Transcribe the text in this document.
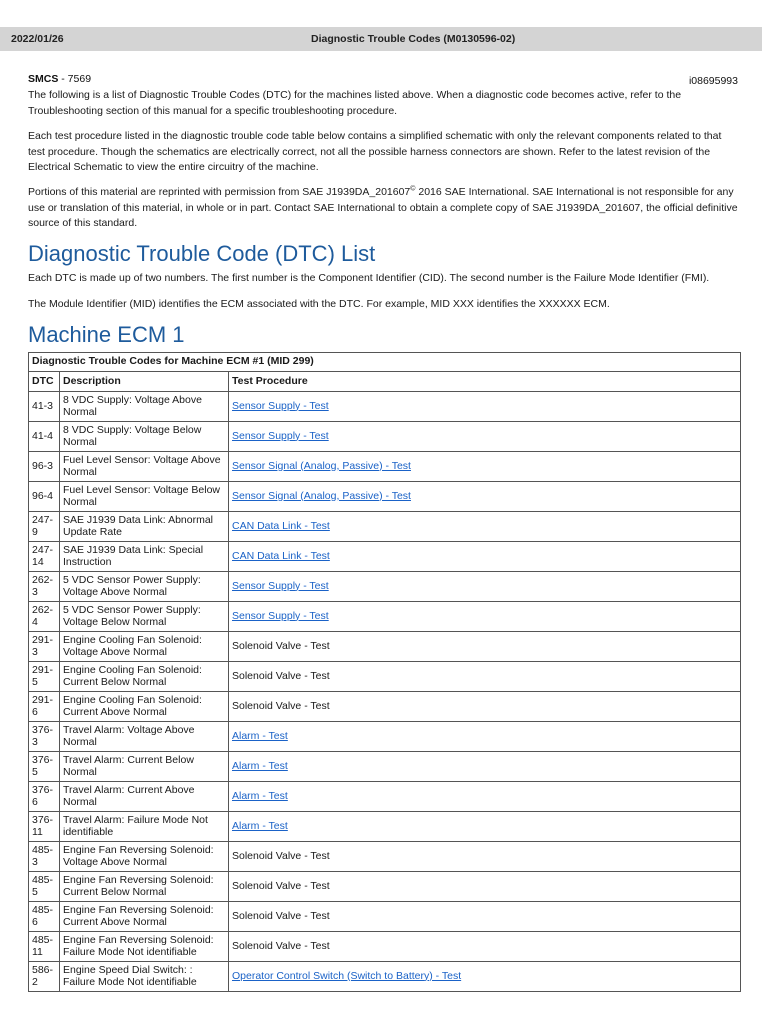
2022/01/26	Diagnostic Trouble Codes (M0130596-02)
SMCS - 7569	i08695993
The following is a list of Diagnostic Trouble Codes (DTC) for the machines listed above. When a diagnostic code becomes active, refer to the Troubleshooting section of this manual for a specific troubleshooting procedure.
Each test procedure listed in the diagnostic trouble code table below contains a simplified schematic with only the relevant components related to that test procedure. Though the schematics are electrically correct, not all the possible harness connectors are shown. Refer to the latest revision of the Electrical Schematic to view the entire circuitry of the machine.
Portions of this material are reprinted with permission from SAE J1939DA_201607© 2016 SAE International. SAE International is not responsible for any use or translation of this material, in whole or in part. Contact SAE International to obtain a complete copy of SAE J1939DA_201607, the official definitive source of this standard.
Diagnostic Trouble Code (DTC) List
Each DTC is made up of two numbers. The first number is the Component Identifier (CID). The second number is the Failure Mode Identifier (FMI).
The Module Identifier (MID) identifies the ECM associated with the DTC. For example, MID XXX identifies the XXXXXX ECM.
Machine ECM 1
Diagnostic Trouble Codes for Machine ECM #1 (MID 299)		
DTC	Description	Test Procedure
41-3	8 VDC Supply: Voltage Above Normal	Sensor Supply - Test
41-4	8 VDC Supply: Voltage Below Normal	Sensor Supply - Test
96-3	Fuel Level Sensor: Voltage Above Normal	Sensor Signal (Analog, Passive) - Test
96-4	Fuel Level Sensor: Voltage Below Normal	Sensor Signal (Analog, Passive) - Test
247-9	SAE J1939 Data Link: Abnormal Update Rate	CAN Data Link - Test
247-14	SAE J1939 Data Link: Special Instruction	CAN Data Link - Test
262-3	5 VDC Sensor Power Supply: Voltage Above Normal	Sensor Supply - Test
262-4	5 VDC Sensor Power Supply: Voltage Below Normal	Sensor Supply - Test
291-3	Engine Cooling Fan Solenoid: Voltage Above Normal	Solenoid Valve - Test
291-5	Engine Cooling Fan Solenoid: Current Below Normal	Solenoid Valve - Test
291-6	Engine Cooling Fan Solenoid: Current Above Normal	Solenoid Valve - Test
376-3	Travel Alarm: Voltage Above Normal	Alarm - Test
376-5	Travel Alarm: Current Below Normal	Alarm - Test
376-6	Travel Alarm: Current Above Normal	Alarm - Test
376-11	Travel Alarm: Failure Mode Not identifiable	Alarm - Test
485-3	Engine Fan Reversing Solenoid: Voltage Above Normal	Solenoid Valve - Test
485-5	Engine Fan Reversing Solenoid: Current Below Normal	Solenoid Valve - Test
485-6	Engine Fan Reversing Solenoid: Current Above Normal	Solenoid Valve - Test
485-11	Engine Fan Reversing Solenoid: Failure Mode Not identifiable	Solenoid Valve - Test
586-2	Engine Speed Dial Switch: : Failure Mode Not identifiable	Operator Control Switch (Switch to Battery) - Test
